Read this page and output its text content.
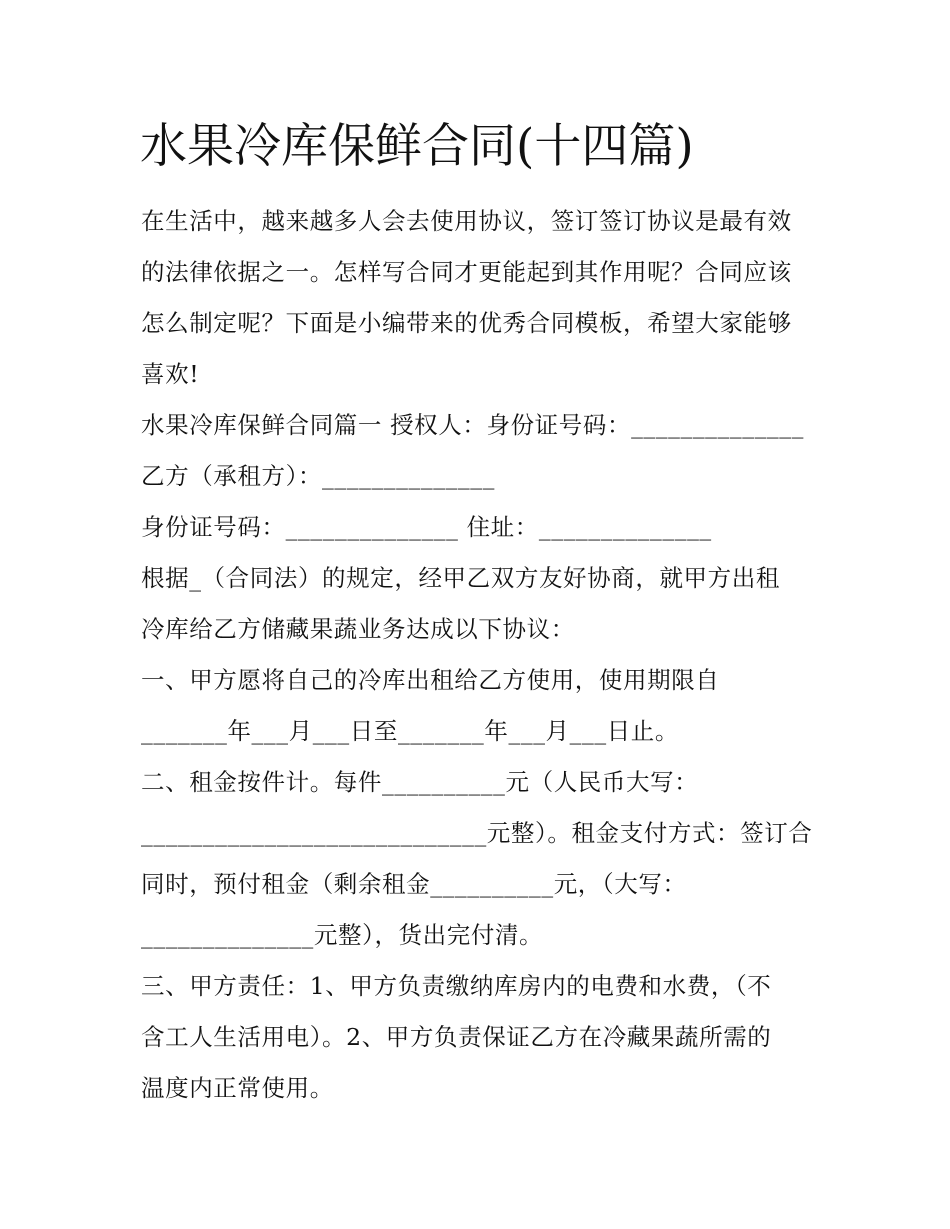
水果冷库保鲜合同(十四篇)
在生活中，越来越多人会去使用协议，签订签订协议是最有效
的法律依据之一。怎样写合同才更能起到其作用呢？合同应该
怎么制定呢？下面是小编带来的优秀合同模板，希望大家能够
喜欢!
水果冷库保鲜合同篇一 授权人：身份证号码：______________
乙方（承租方）：______________
身份证号码：______________ 住址：______________
根据_（合同法）的规定，经甲乙双方友好协商，就甲方出租
冷库给乙方储藏果蔬业务达成以下协议：
一、甲方愿将自己的冷库出租给乙方使用，使用期限自
_______年___月___日至_______年___月___日止。
二、租金按件计。每件__________元（人民币大写：
____________________________元整）。租金支付方式：签订合
同时，预付租金（剩余租金__________元，（大写：
______________元整），货出完付清。
三、甲方责任：1、甲方负责缴纳库房内的电费和水费，（不
含工人生活用电）。2、甲方负责保证乙方在冷藏果蔬所需的
温度内正常使用。
